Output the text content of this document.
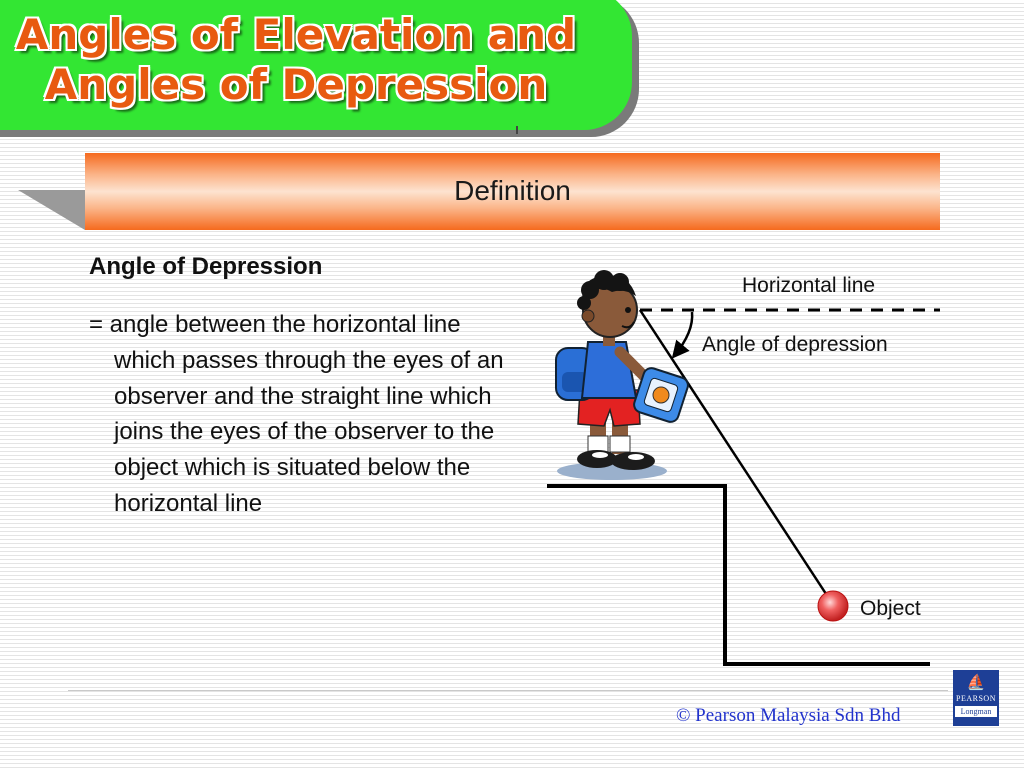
Angles of Elevation and
Angles of Depression
Definition
Angle of Depression
= angle between the horizontal line which passes through the eyes of an observer and the straight line which joins the eyes of the observer to the object which is situated below the horizontal line
Horizontal line
Angle of depression
Object
© Pearson Malaysia Sdn Bhd
⛵
PEARSON
Longman
